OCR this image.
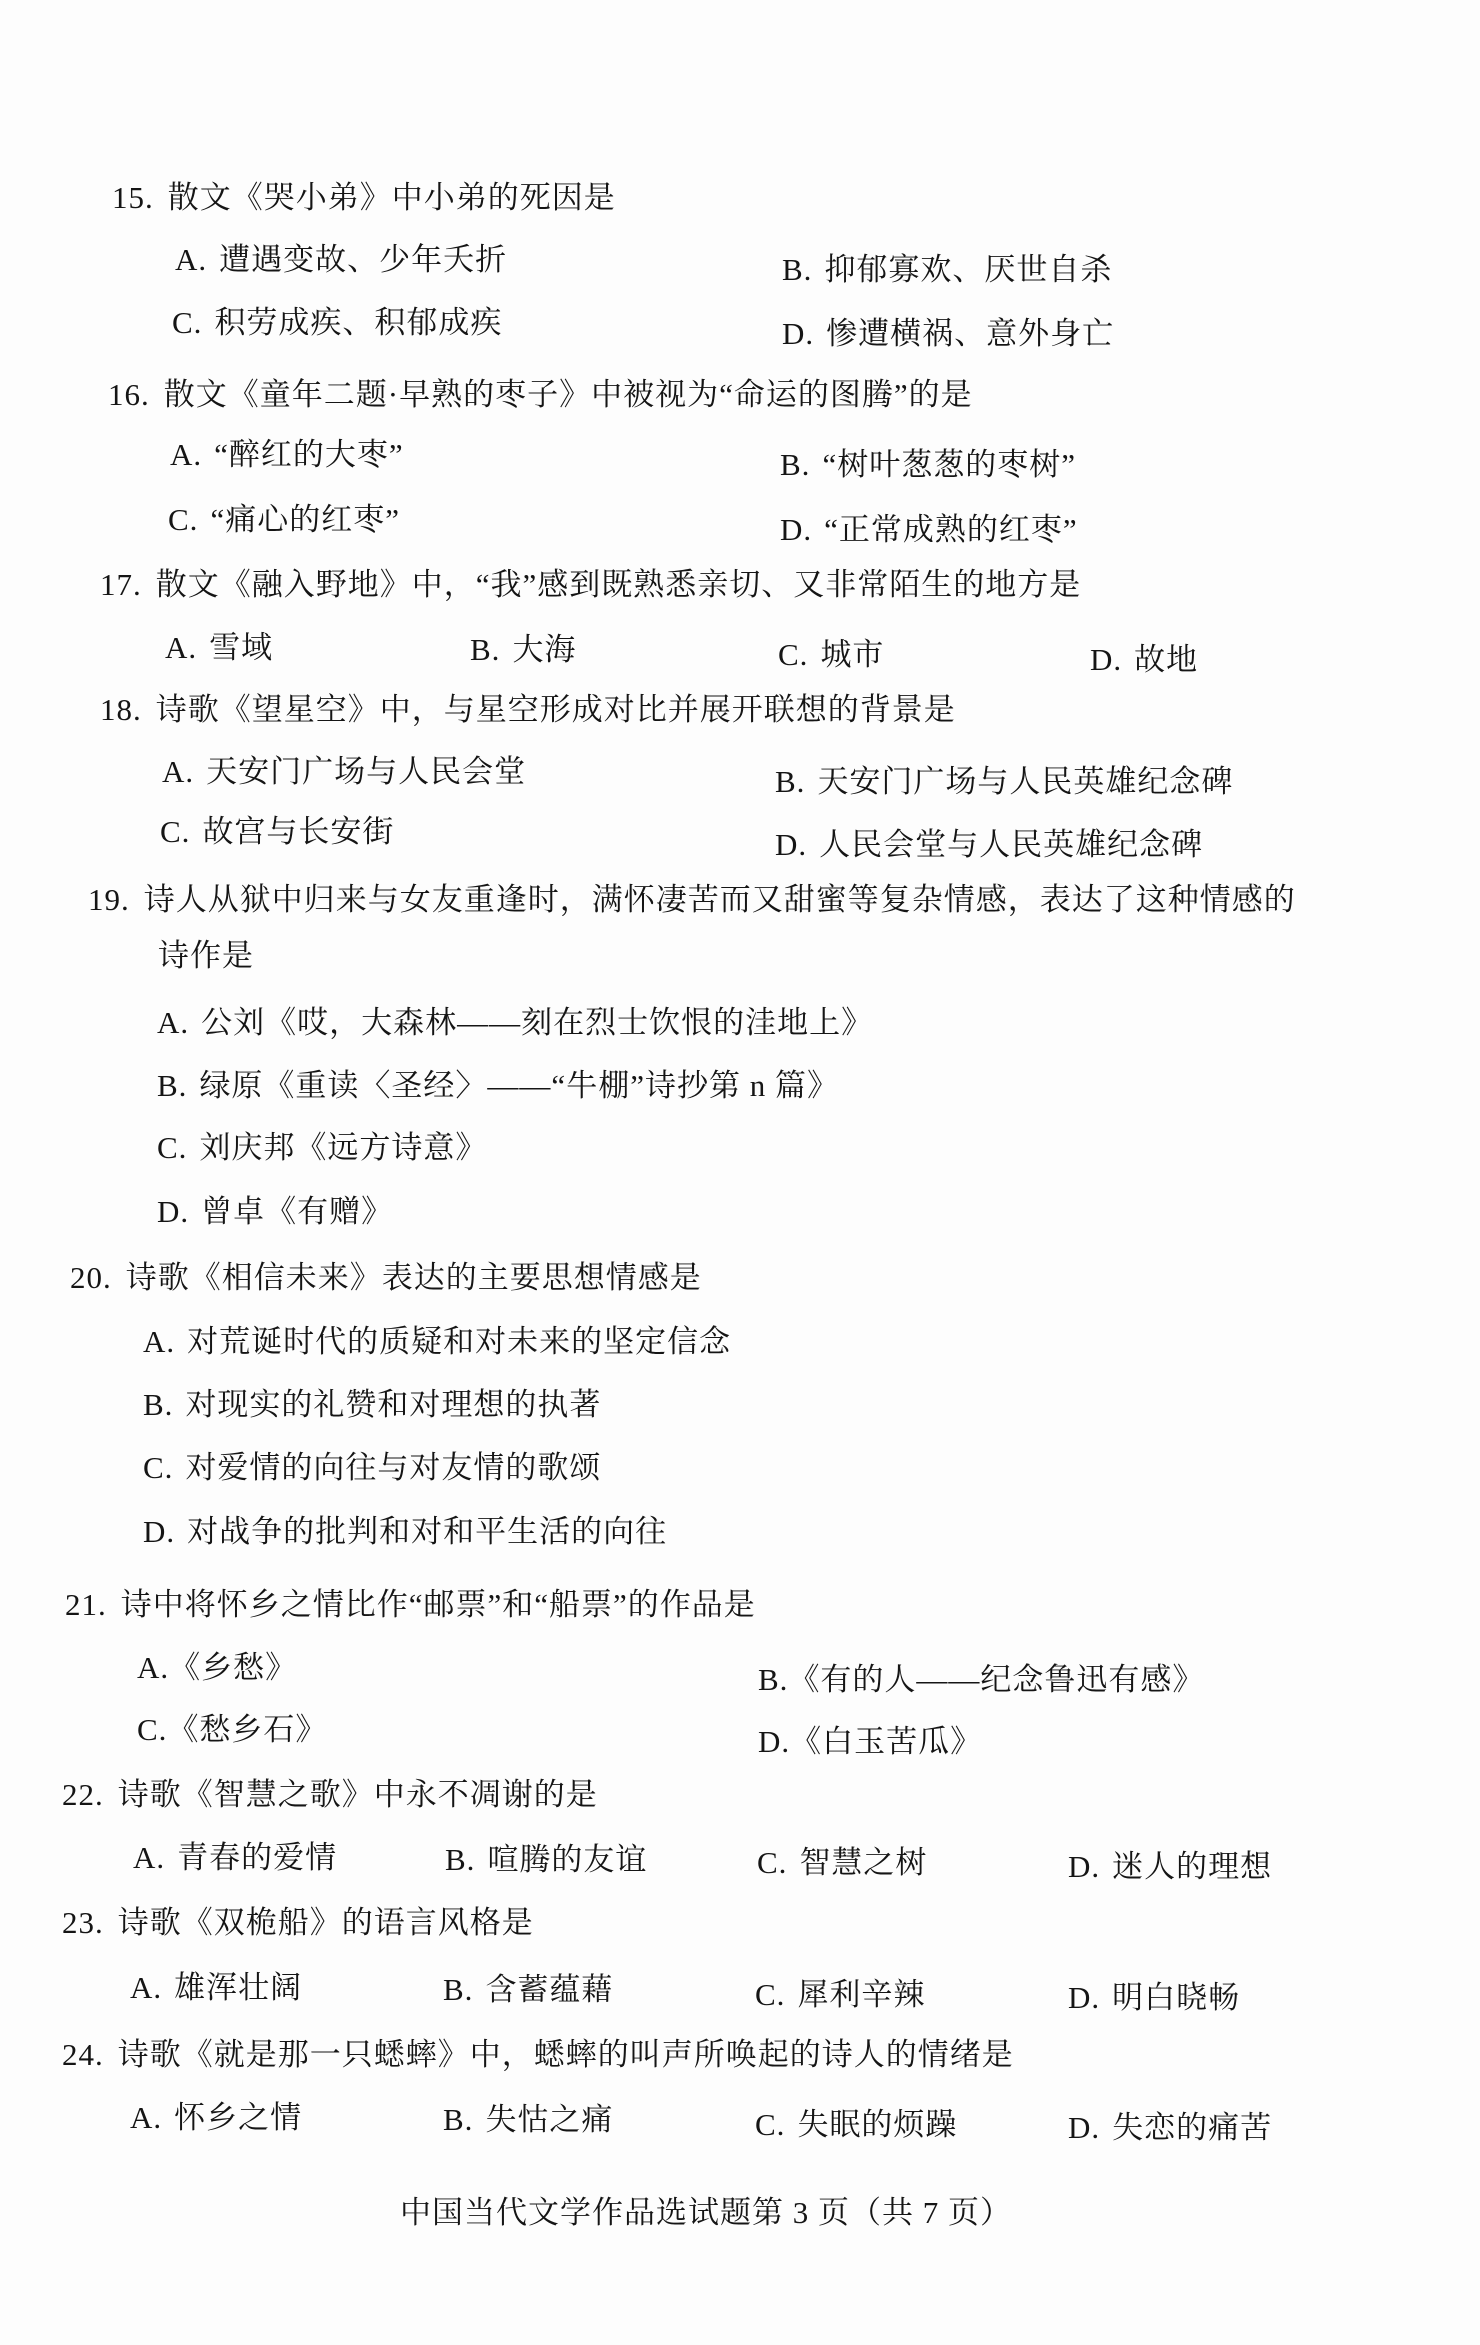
15. 散文《哭小弟》中小弟的死因是
A. 遭遇变故、少年夭折	B. 抑郁寡欢、厌世自杀
C. 积劳成疾、积郁成疾	D. 惨遭横祸、意外身亡
16. 散文《童年二题·早熟的枣子》中被视为“命运的图腾”的是
A. “醉红的大枣”	B. “树叶葱葱的枣树”
C. “痛心的红枣”	D. “正常成熟的红枣”
17. 散文《融入野地》中，“我”感到既熟悉亲切、又非常陌生的地方是
A. 雪域	B. 大海	C. 城市	D. 故地
18. 诗歌《望星空》中，与星空形成对比并展开联想的背景是
A. 天安门广场与人民会堂	B. 天安门广场与人民英雄纪念碑
C. 故宫与长安街	D. 人民会堂与人民英雄纪念碑
19. 诗人从狱中归来与女友重逢时，满怀凄苦而又甜蜜等复杂情感，表达了这种情感的
诗作是
A. 公刘《哎，大森林——刻在烈士饮恨的洼地上》
B. 绿原《重读〈圣经〉——“牛棚”诗抄第 n 篇》
C. 刘庆邦《远方诗意》
D. 曾卓《有赠》
20. 诗歌《相信未来》表达的主要思想情感是
A. 对荒诞时代的质疑和对未来的坚定信念
B. 对现实的礼赞和对理想的执著
C. 对爱情的向往与对友情的歌颂
D. 对战争的批判和对和平生活的向往
21. 诗中将怀乡之情比作“邮票”和“船票”的作品是
A.《乡愁》	B.《有的人——纪念鲁迅有感》
C.《愁乡石》	D.《白玉苦瓜》
22. 诗歌《智慧之歌》中永不凋谢的是
A. 青春的爱情	B. 喧腾的友谊	C. 智慧之树	D. 迷人的理想
23. 诗歌《双桅船》的语言风格是
A. 雄浑壮阔	B. 含蓄蕴藉	C. 犀利辛辣	D. 明白晓畅
24. 诗歌《就是那一只蟋蟀》中，蟋蟀的叫声所唤起的诗人的情绪是
A. 怀乡之情	B. 失怙之痛	C. 失眠的烦躁	D. 失恋的痛苦
中国当代文学作品选试题第 3 页（共 7 页）
